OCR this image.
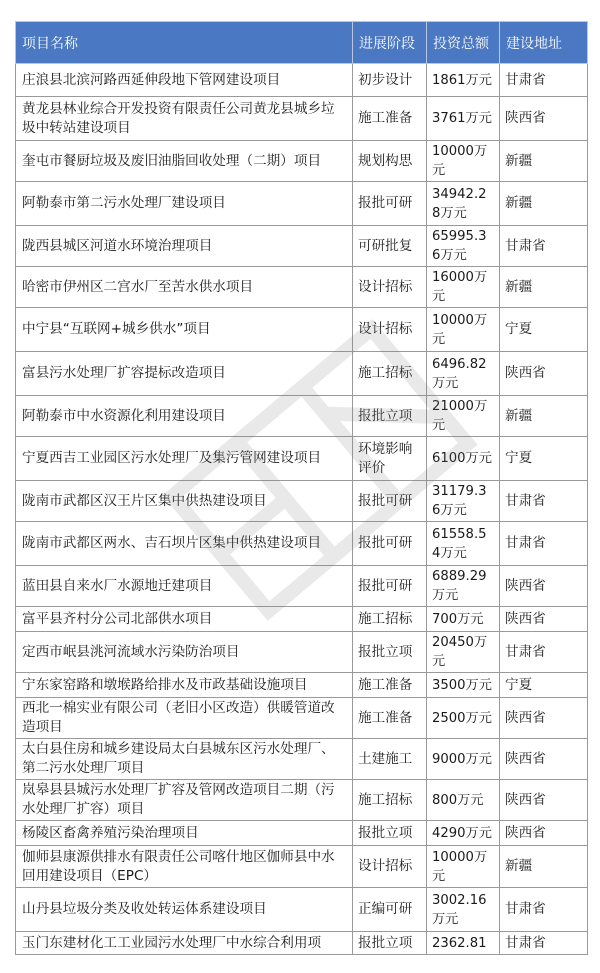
项目名称	进展阶段	投资总额	建设地址
庄浪县北滨河路西延伸段地下管网建设项目	初步设计	1861万元	甘肃省
黄龙县林业综合开发投资有限责任公司黄龙县城乡垃圾中转站建设项目	施工准备	3761万元	陕西省
奎屯市餐厨垃圾及废旧油脂回收处理（二期）项目	规划构思	10000万元	新疆
阿勒泰市第二污水处理厂建设项目	报批可研	34942.28万元	新疆
陇西县城区河道水环境治理项目	可研批复	65995.36万元	甘肃省
哈密市伊州区二宫水厂至苦水供水项目	设计招标	16000万元	新疆
中宁县“互联网+城乡供水”项目	设计招标	10000万元	宁夏
富县污水处理厂扩容提标改造项目	施工招标	6496.82万元	陕西省
阿勒泰市中水资源化利用建设项目	报批立项	21000万元	新疆
宁夏西吉工业园区污水处理厂及集污管网建设项目	环境影响评价	6100万元	宁夏
陇南市武都区汉王片区集中供热建设项目	报批可研	31179.36万元	甘肃省
陇南市武都区两水、吉石坝片区集中供热建设项目	报批可研	61558.54万元	甘肃省
蓝田县自来水厂水源地迁建项目	报批可研	6889.29万元	陕西省
富平县齐村分公司北部供水项目	施工招标	700万元	陕西省
定西市岷县洮河流域水污染防治项目	报批立项	20450万元	甘肃省
宁东家窑路和墩堠路给排水及市政基础设施项目	施工准备	3500万元	宁夏
西北一棉实业有限公司（老旧小区改造）供暖管道改造项目	施工准备	2500万元	陕西省
太白县住房和城乡建设局太白县城东区污水处理厂、第二污水处理厂项目	土建施工	9000万元	陕西省
岚皋县县城污水处理厂扩容及管网改造项目二期（污水处理厂扩容）项目	施工招标	800万元	陕西省
杨陵区畜禽养殖污染治理项目	报批立项	4290万元	陕西省
伽师县康源供排水有限责任公司喀什地区伽师县中水回用建设项目（EPC）	设计招标	10000万元	新疆
山丹县垃圾分类及收处转运体系建设项目	正编可研	3002.16万元	甘肃省
玉门东建材化工工业园污水处理厂中水综合利用项	报批立项	2362.81	甘肃省
